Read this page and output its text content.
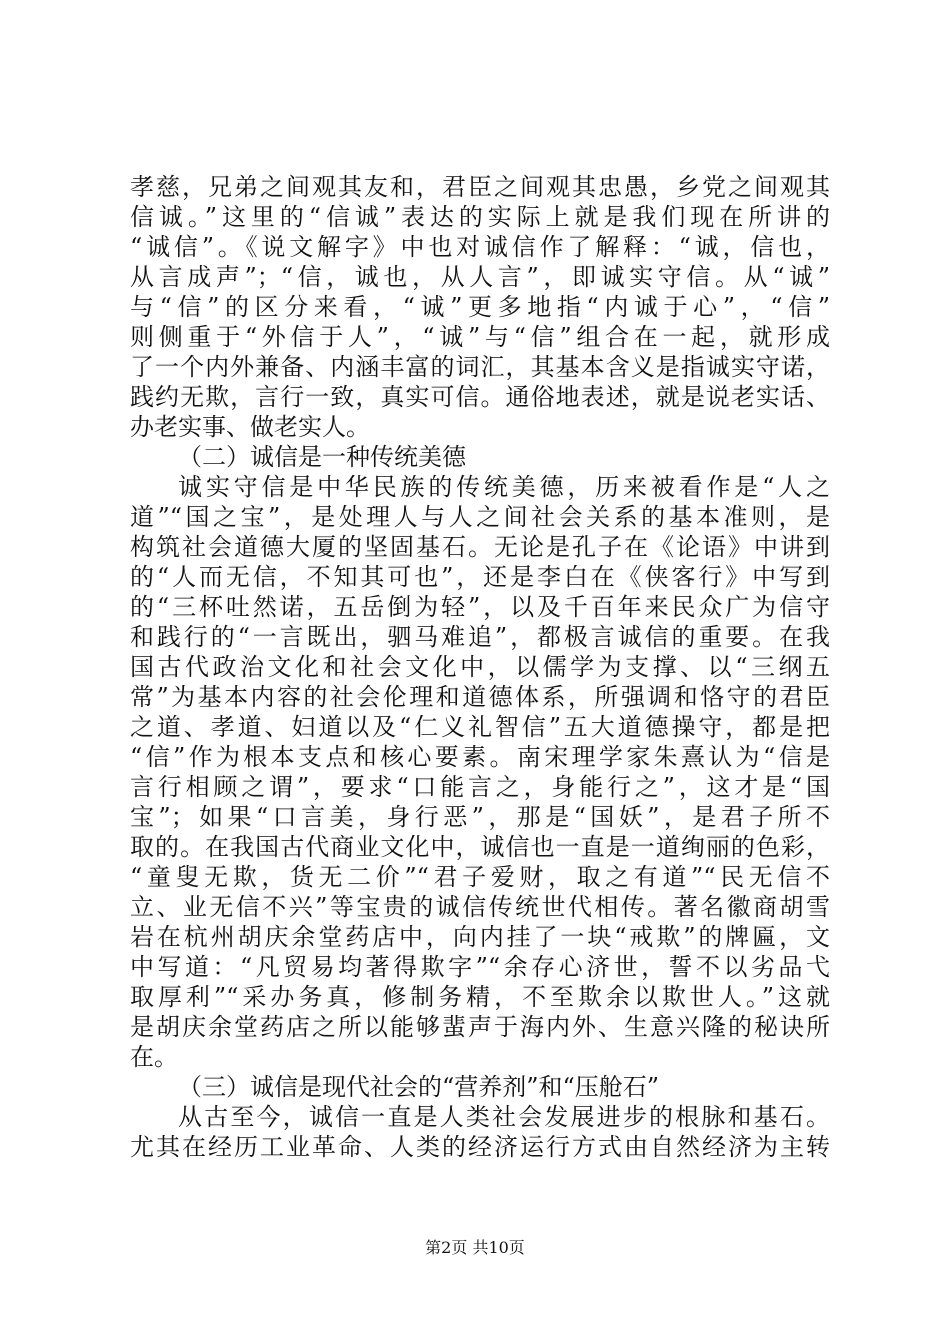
孝慈，兄弟之间观其友和，君臣之间观其忠愚，乡党之间观其
信诚。”这里的“信诚”表达的实际上就是我们现在所讲的
“诚信”。《说文解字》中也对诚信作了解释：“诚，信也，
从言成声”；“信，诚也，从人言”，即诚实守信。从“诚”
与“信”的区分来看，“诚”更多地指“内诚于心”，“信”
则侧重于“外信于人”，“诚”与“信”组合在一起，就形成
了一个内外兼备、内涵丰富的词汇，其基本含义是指诚实守诺，
践约无欺，言行一致，真实可信。通俗地表述，就是说老实话、
办老实事、做老实人。
（二）诚信是一种传统美德
诚实守信是中华民族的传统美德，历来被看作是“人之
道”“国之宝”，是处理人与人之间社会关系的基本准则，是
构筑社会道德大厦的坚固基石。无论是孔子在《论语》中讲到
的“人而无信，不知其可也”，还是李白在《侠客行》中写到
的“三杯吐然诺，五岳倒为轻”，以及千百年来民众广为信守
和践行的“一言既出，驷马难追”，都极言诚信的重要。在我
国古代政治文化和社会文化中，以儒学为支撑、以“三纲五
常”为基本内容的社会伦理和道德体系，所强调和恪守的君臣
之道、孝道、妇道以及“仁义礼智信”五大道德操守，都是把
“信”作为根本支点和核心要素。南宋理学家朱熹认为“信是
言行相顾之谓”，要求“口能言之，身能行之”，这才是“国
宝”；如果“口言美，身行恶”，那是“国妖”，是君子所不
取的。在我国古代商业文化中，诚信也一直是一道绚丽的色彩，
“童叟无欺，货无二价”“君子爱财，取之有道”“民无信不
立、业无信不兴”等宝贵的诚信传统世代相传。著名徽商胡雪
岩在杭州胡庆余堂药店中，向内挂了一块“戒欺”的牌匾，文
中写道：“凡贸易均著得欺字”“余存心济世，誓不以劣品弋
取厚利”“采办务真，修制务精，不至欺余以欺世人。”这就
是胡庆余堂药店之所以能够蜚声于海内外、生意兴隆的秘诀所
在。
（三）诚信是现代社会的“营养剂”和“压舱石”
从古至今，诚信一直是人类社会发展进步的根脉和基石。
尤其在经历工业革命、人类的经济运行方式由自然经济为主转
第2页 共10页
